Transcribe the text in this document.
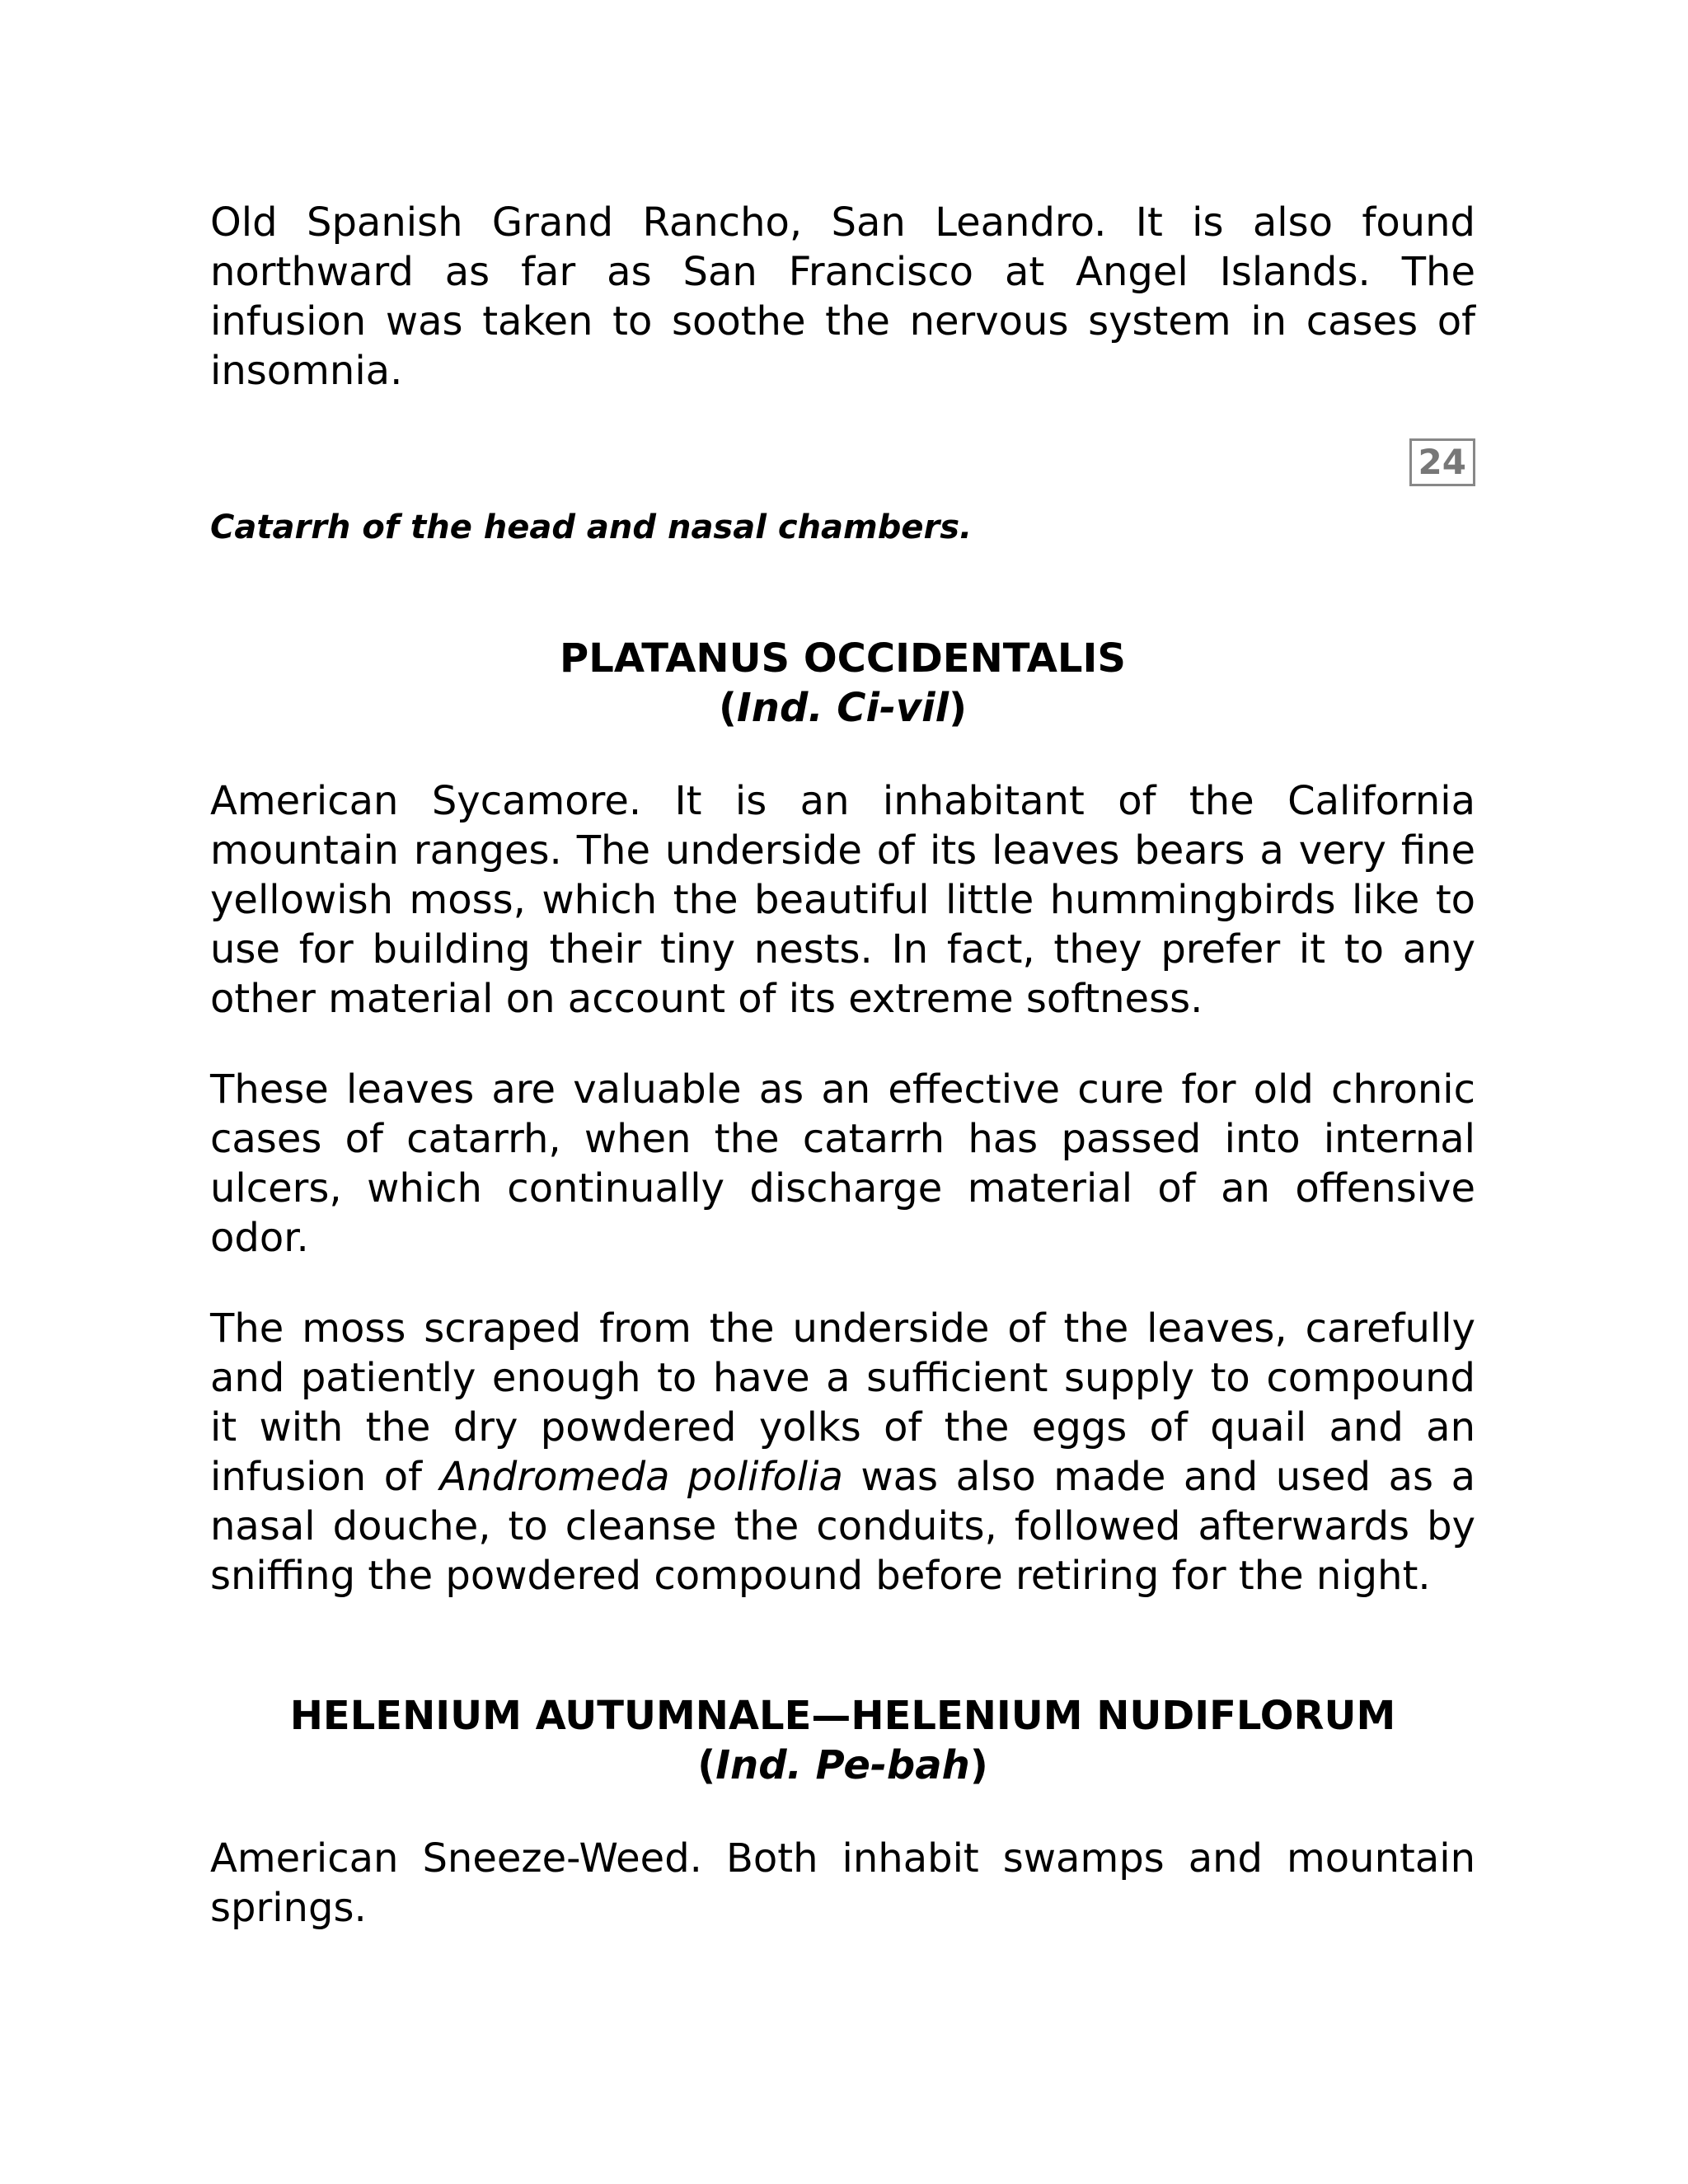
Old Spanish Grand Rancho, San Leandro. It is also found northward as far as San Francisco at Angel Islands. The infusion was taken to soothe the nervous system in cases of insomnia.

24

Catarrh of the head and nasal chambers.

PLATANUS OCCIDENTALIS
(Ind. Ci-vil)

American Sycamore. It is an inhabitant of the California mountain ranges. The underside of its leaves bears a very fine yellowish moss, which the beautiful little hummingbirds like to use for building their tiny nests. In fact, they prefer it to any other material on account of its extreme softness.

These leaves are valuable as an effective cure for old chronic cases of catarrh, when the catarrh has passed into internal ulcers, which continually discharge material of an offensive odor.

The moss scraped from the underside of the leaves, carefully and patiently enough to have a sufficient supply to compound it with the dry powdered yolks of the eggs of quail and an infusion of Andromeda polifolia was also made and used as a nasal douche, to cleanse the conduits, followed afterwards by sniffing the powdered compound before retiring for the night.

HELENIUM AUTUMNALE—HELENIUM NUDIFLORUM
(Ind. Pe-bah)

American Sneeze-Weed. Both inhabit swamps and mountain springs.
